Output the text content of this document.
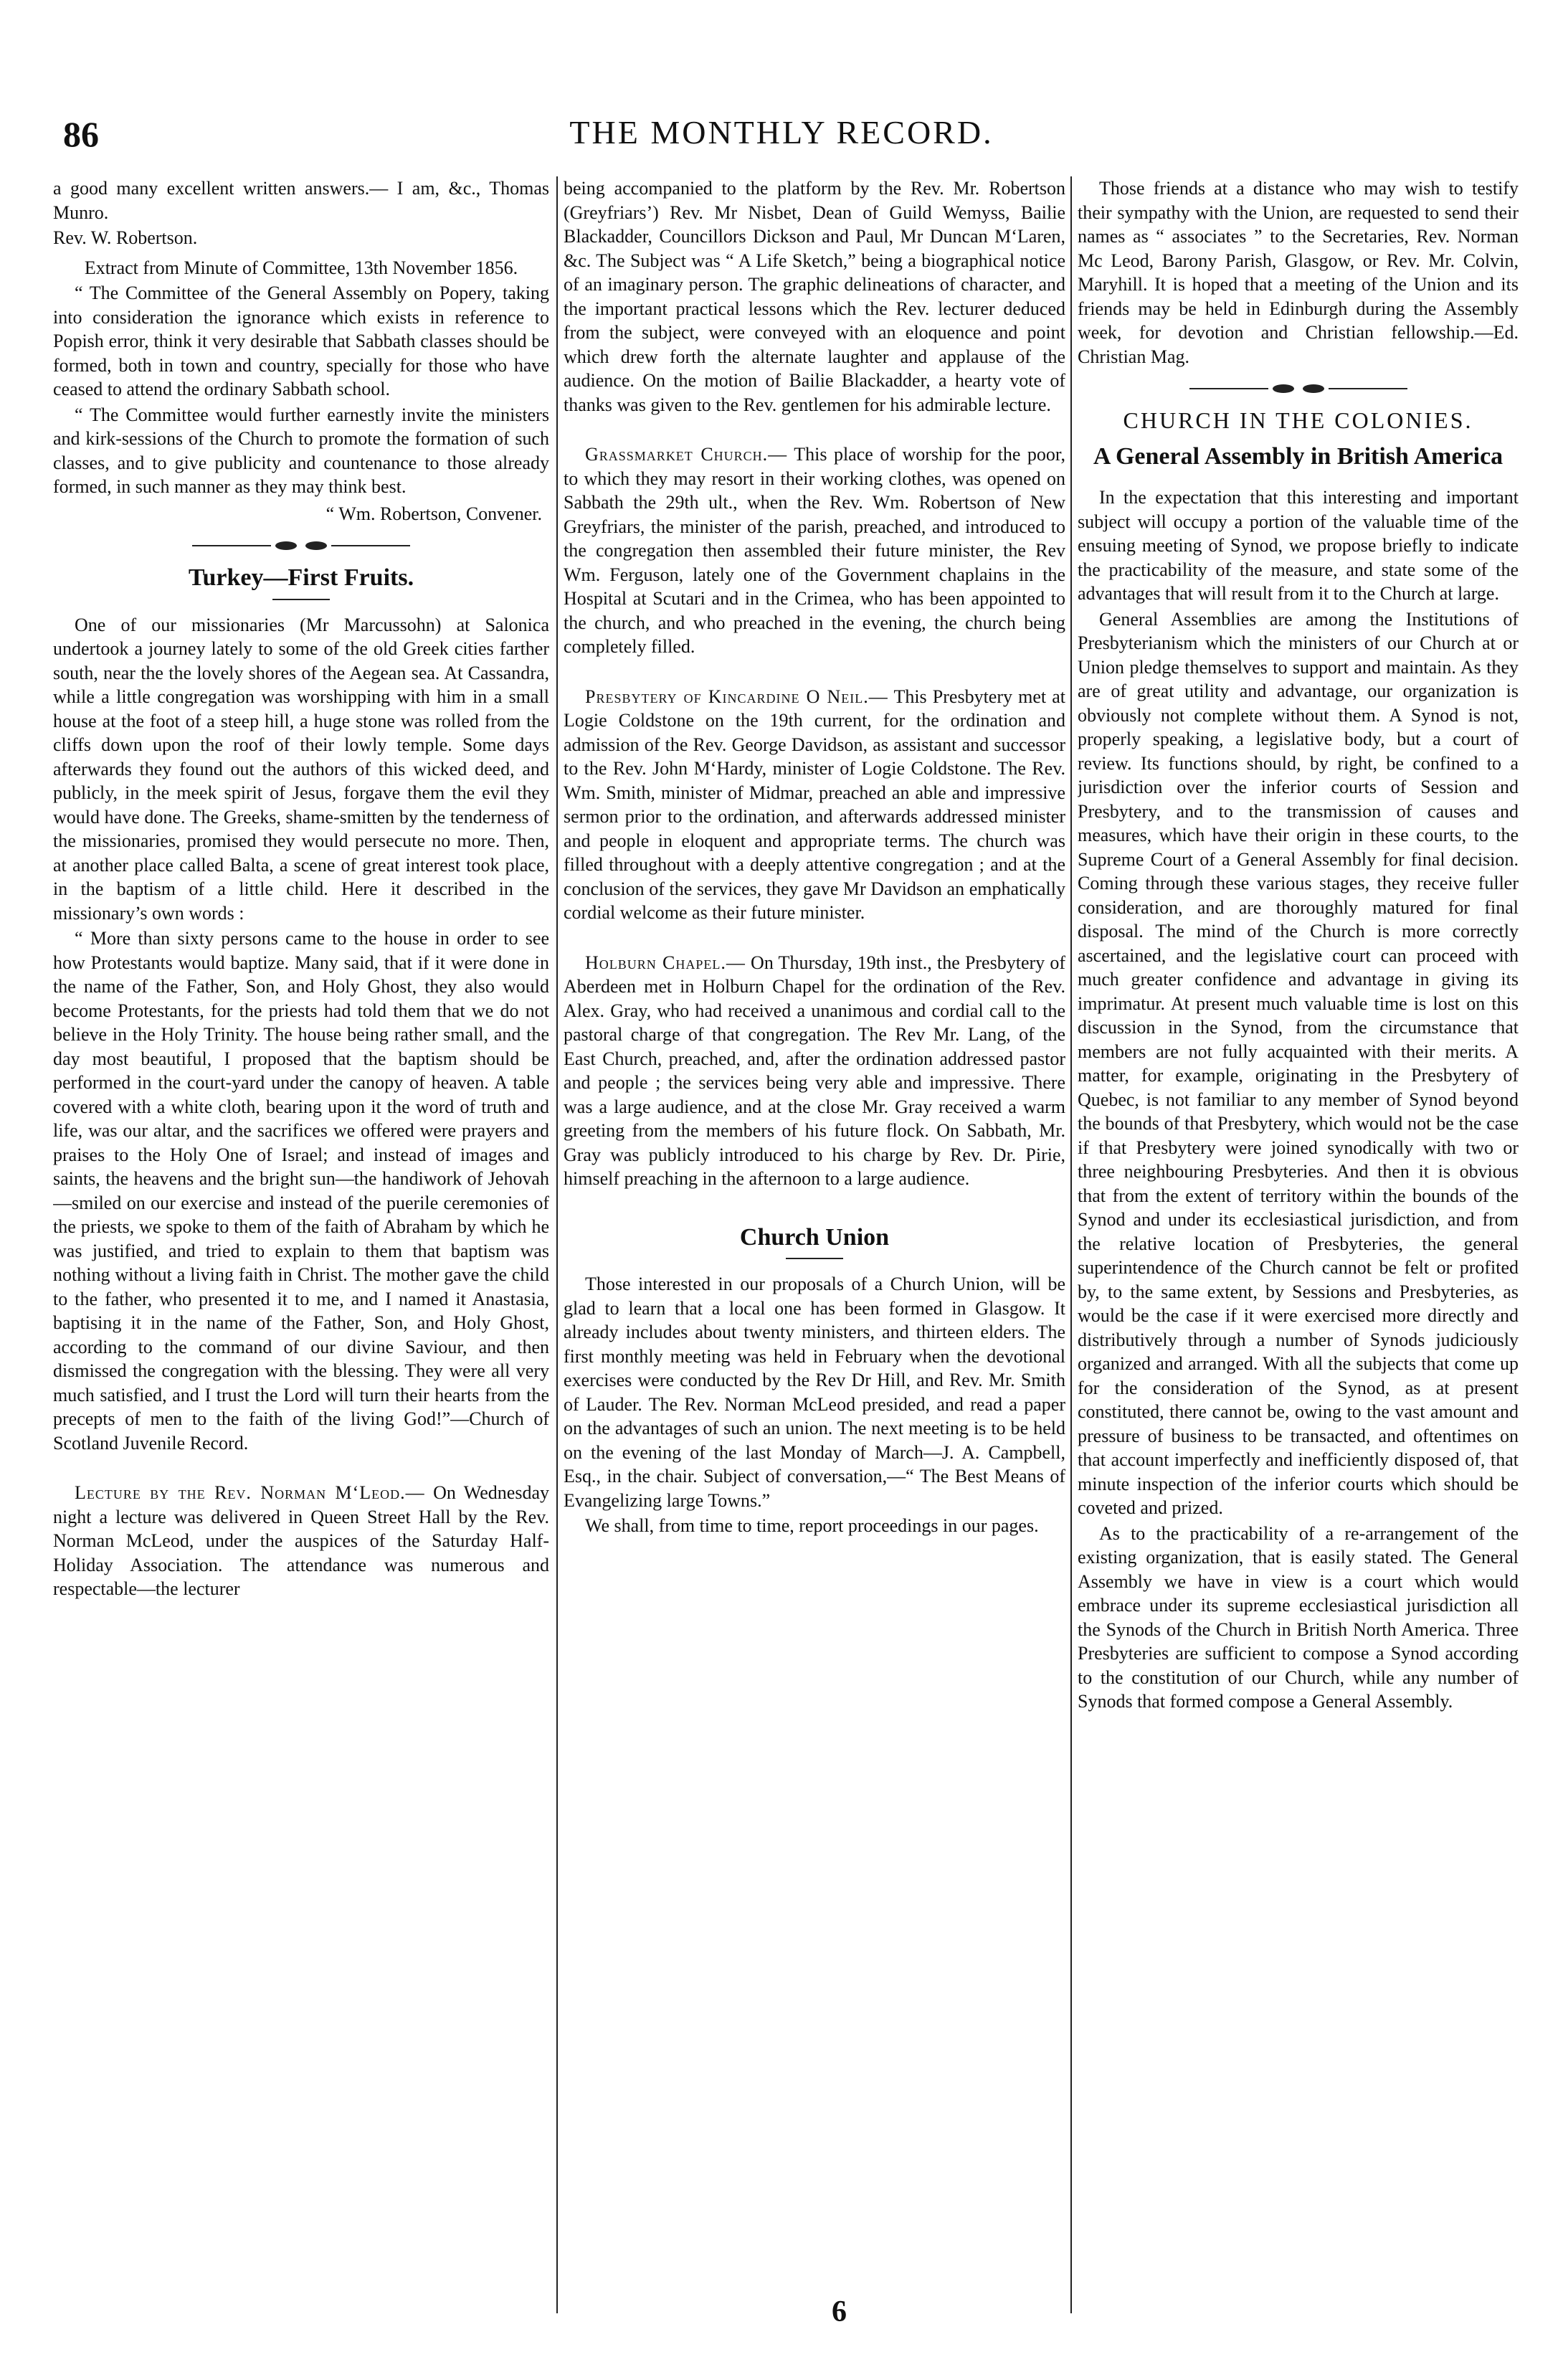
86	THE MONTHLY RECORD.

a good many excellent written answers.— I am, &c., Thomas Munro.

Rev. W. Robertson.

Extract from Minute of Committee, 13th November 1856.

“ The Committee of the General Assembly on Popery, taking into consideration the ignorance which exists in reference to Popish error, think it very desirable that Sabbath classes should be formed, both in town and country, specially for those who have ceased to attend the ordinary Sabbath school.

“ The Committee would further earnestly invite the ministers and kirk-sessions of the Church to promote the formation of such classes, and to give publicity and countenance to those already formed, in such manner as they may think best.

“ Wm. Robertson, Convener.

Turkey—First Fruits.

One of our missionaries (Mr Marcussohn) at Salonica undertook a journey lately to some of the old Greek cities farther south, near the the lovely shores of the Aegean sea. At Cassandra, while a little congregation was worshipping with him in a small house at the foot of a steep hill, a huge stone was rolled from the cliffs down upon the roof of their lowly temple. Some days afterwards they found out the authors of this wicked deed, and publicly, in the meek spirit of Jesus, forgave them the evil they would have done. The Greeks, shame-smitten by the tenderness of the missionaries, promised they would persecute no more. Then, at another place called Balta, a scene of great interest took place, in the baptism of a little child. Here it described in the missionary’s own words :

“ More than sixty persons came to the house in order to see how Protestants would baptize. Many said, that if it were done in the name of the Father, Son, and Holy Ghost, they also would become Protestants, for the priests had told them that we do not believe in the Holy Trinity. The house being rather small, and the day most beautiful, I proposed that the baptism should be performed in the court-yard under the canopy of heaven. A table covered with a white cloth, bearing upon it the word of truth and life, was our altar, and the sacrifices we offered were prayers and praises to the Holy One of Israel; and instead of images and saints, the heavens and the bright sun—the handiwork of Jehovah—smiled on our exercise and instead of the puerile ceremonies of the priests, we spoke to them of the faith of Abraham by which he was justified, and tried to explain to them that baptism was nothing without a living faith in Christ. The mother gave the child to the father, who presented it to me, and I named it Anastasia, baptising it in the name of the Father, Son, and Holy Ghost, according to the command of our divine Saviour, and then dismissed the congregation with the blessing. They were all very much satisfied, and I trust the Lord will turn their hearts from the precepts of men to the faith of the living God!”—Church of Scotland Juvenile Record.

Lecture by the Rev. Norman M‘Leod.— On Wednesday night a lecture was delivered in Queen Street Hall by the Rev. Norman McLeod, under the auspices of the Saturday Half-Holiday Association. The attendance was numerous and respectable—the lecturer

being accompanied to the platform by the Rev. Mr. Robertson (Greyfriars’) Rev. Mr Nisbet, Dean of Guild Wemyss, Bailie Blackadder, Councillors Dickson and Paul, Mr Duncan M‘Laren, &c. The Subject was “ A Life Sketch,” being a biographical notice of an imaginary person. The graphic delineations of character, and the important practical lessons which the Rev. lecturer deduced from the subject, were conveyed with an eloquence and point which drew forth the alternate laughter and applause of the audience. On the motion of Bailie Blackadder, a hearty vote of thanks was given to the Rev. gentlemen for his admirable lecture.

Grassmarket Church.— This place of worship for the poor, to which they may resort in their working clothes, was opened on Sabbath the 29th ult., when the Rev. Wm. Robertson of New Greyfriars, the minister of the parish, preached, and introduced to the congregation then assembled their future minister, the Rev Wm. Ferguson, lately one of the Government chaplains in the Hospital at Scutari and in the Crimea, who has been appointed to the church, and who preached in the evening, the church being completely filled.

Presbytery of Kincardine O Neil.— This Presbytery met at Logie Coldstone on the 19th current, for the ordination and admission of the Rev. George Davidson, as assistant and successor to the Rev. John M‘Hardy, minister of Logie Coldstone. The Rev. Wm. Smith, minister of Midmar, preached an able and impressive sermon prior to the ordination, and afterwards addressed minister and people in eloquent and appropriate terms. The church was filled throughout with a deeply attentive congregation ; and at the conclusion of the services, they gave Mr Davidson an emphatically cordial welcome as their future minister.

Holburn Chapel.— On Thursday, 19th inst., the Presbytery of Aberdeen met in Holburn Chapel for the ordination of the Rev. Alex. Gray, who had received a unanimous and cordial call to the pastoral charge of that congregation. The Rev Mr. Lang, of the East Church, preached, and, after the ordination addressed pastor and people ; the services being very able and impressive. There was a large audience, and at the close Mr. Gray received a warm greeting from the members of his future flock. On Sabbath, Mr. Gray was publicly introduced to his charge by Rev. Dr. Pirie, himself preaching in the afternoon to a large audience.

Church Union

Those interested in our proposals of a Church Union, will be glad to learn that a local one has been formed in Glasgow. It already includes about twenty ministers, and thirteen elders. The first monthly meeting was held in February when the devotional exercises were conducted by the Rev Dr Hill, and Rev. Mr. Smith of Lauder. The Rev. Norman McLeod presided, and read a paper on the advantages of such an union. The next meeting is to be held on the evening of the last Monday of March—J. A. Campbell, Esq., in the chair. Subject of conversation,—“ The Best Means of Evangelizing large Towns.”

We shall, from time to time, report proceedings in our pages.

Those friends at a distance who may wish to testify their sympathy with the Union, are requested to send their names as “ associates ” to the Secretaries, Rev. Norman Mc Leod, Barony Parish, Glasgow, or Rev. Mr. Colvin, Maryhill. It is hoped that a meeting of the Union and its friends may be held in Edinburgh during the Assembly week, for devotion and Christian fellowship.—Ed. Christian Mag.

CHURCH IN THE COLONIES.
A General Assembly in British America

In the expectation that this interesting and important subject will occupy a portion of the valuable time of the ensuing meeting of Synod, we propose briefly to indicate the practicability of the measure, and state some of the advantages that will result from it to the Church at large.

General Assemblies are among the Institutions of Presbyterianism which the ministers of our Church at or Union pledge themselves to support and maintain. As they are of great utility and advantage, our organization is obviously not complete without them. A Synod is not, properly speaking, a legislative body, but a court of review. Its functions should, by right, be confined to a jurisdiction over the inferior courts of Session and Presbytery, and to the transmission of causes and measures, which have their origin in these courts, to the Supreme Court of a General Assembly for final decision. Coming through these various stages, they receive fuller consideration, and are thoroughly matured for final disposal. The mind of the Church is more correctly ascertained, and the legislative court can proceed with much greater confidence and advantage in giving its imprimatur. At present much valuable time is lost on this discussion in the Synod, from the circumstance that members are not fully acquainted with their merits. A matter, for example, originating in the Presbytery of Quebec, is not familiar to any member of Synod beyond the bounds of that Presbytery, which would not be the case if that Presbytery were joined synodically with two or three neighbouring Presbyteries. And then it is obvious that from the extent of territory within the bounds of the Synod and under its ecclesiastical jurisdiction, and from the relative location of Presbyteries, the general superintendence of the Church cannot be felt or profited by, to the same extent, by Sessions and Presbyteries, as would be the case if it were exercised more directly and distributively through a number of Synods judiciously organized and arranged. With all the subjects that come up for the consideration of the Synod, as at present constituted, there cannot be, owing to the vast amount and pressure of business to be transacted, and oftentimes on that account imperfectly and inefficiently disposed of, that minute inspection of the inferior courts which should be coveted and prized.

As to the practicability of a re-arrangement of the existing organization, that is easily stated. The General Assembly we have in view is a court which would embrace under its supreme ecclesiastical jurisdiction all the Synods of the Church in British North America. Three Presbyteries are sufficient to compose a Synod according to the constitution of our Church, while any number of Synods that formed compose a General Assembly.

6
